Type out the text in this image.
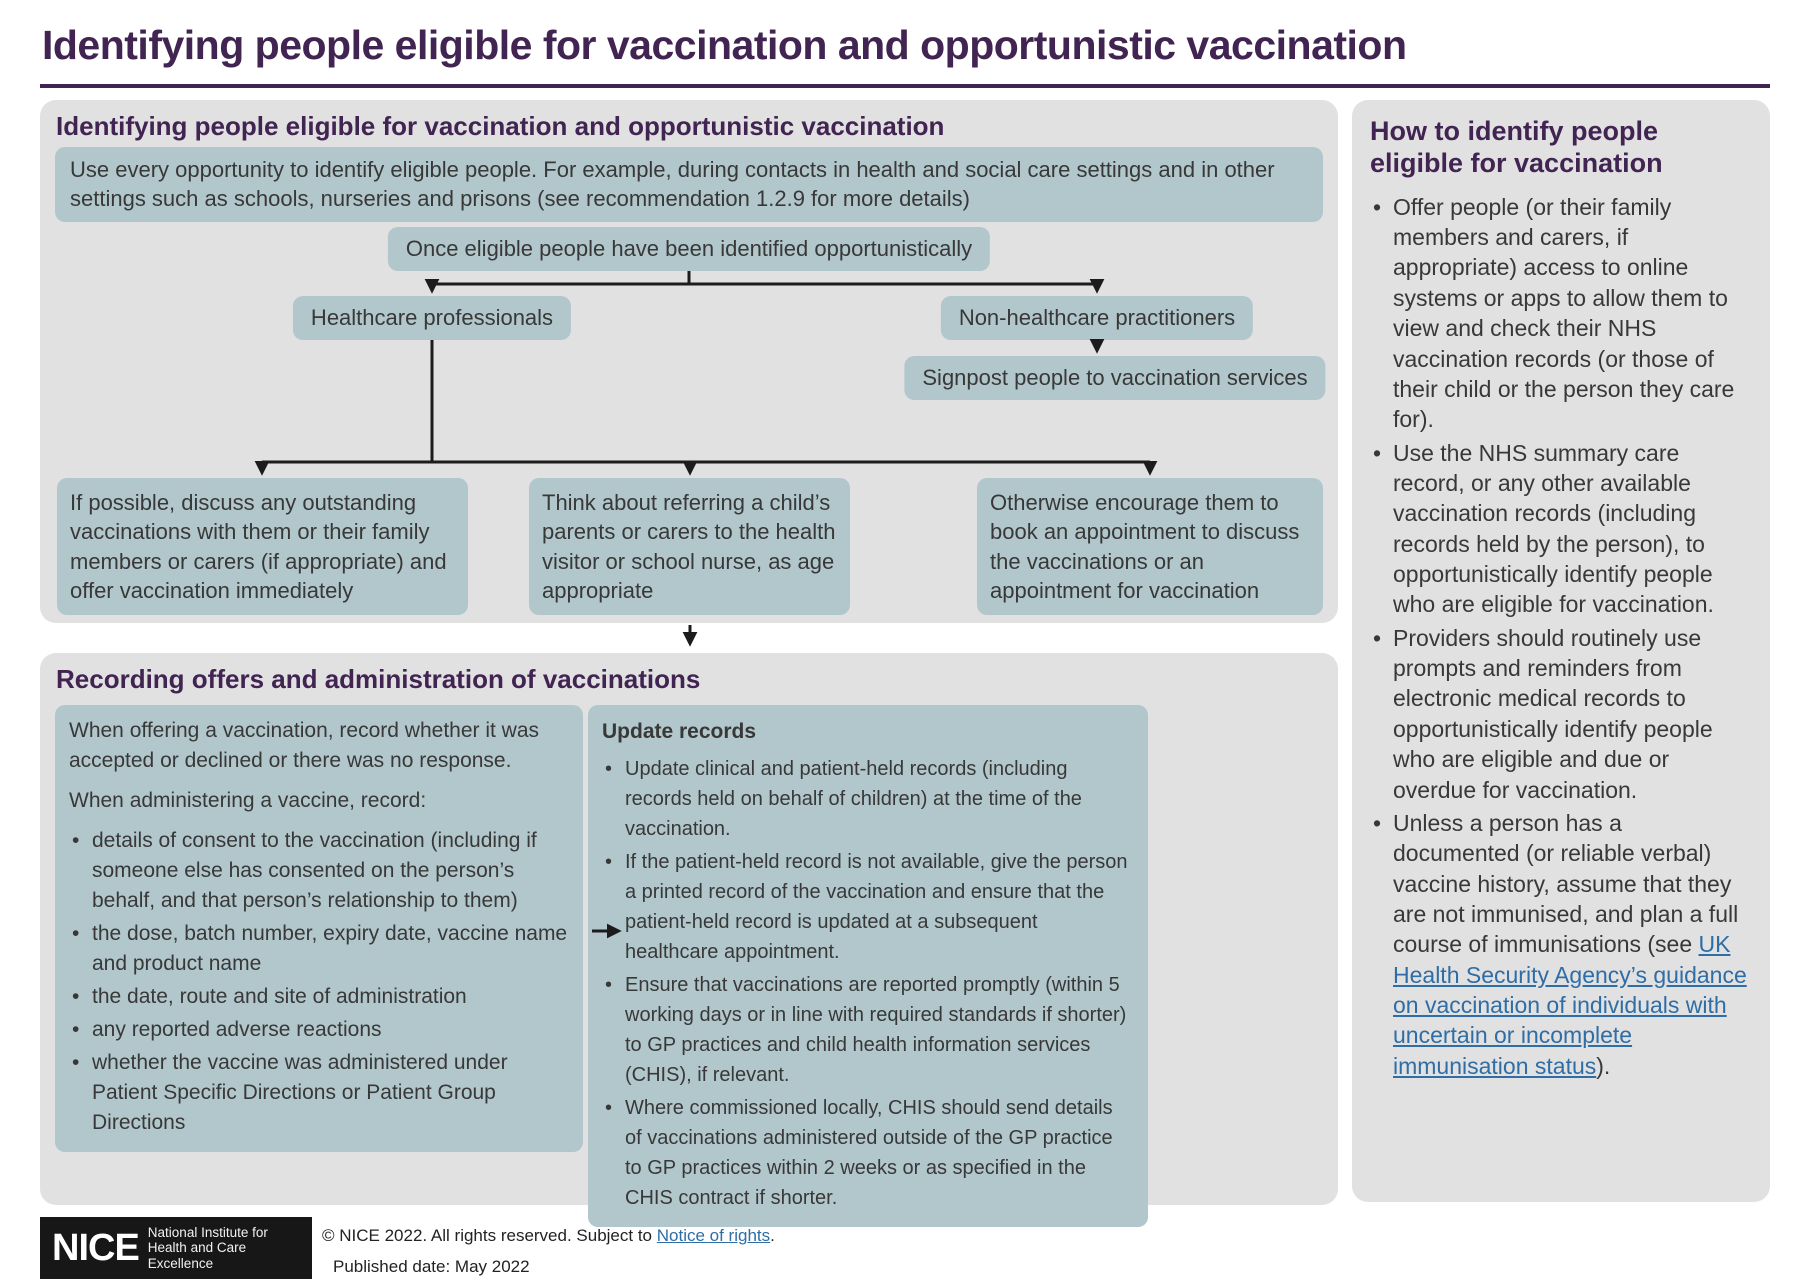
Identifying people eligible for vaccination and opportunistic vaccination
Identifying people eligible for vaccination and opportunistic vaccination
Use every opportunity to identify eligible people. For example, during contacts in health and social care settings and in other settings such as schools, nurseries and prisons (see recommendation 1.2.9 for more details)
Once eligible people have been identified opportunistically
Healthcare professionals	Non-healthcare practitioners
Signpost people to vaccination services
If possible, discuss any outstanding vaccinations with them or their family members or carers (if appropriate) and offer vaccination immediately
Think about referring a child’s parents or carers to the health visitor or school nurse, as age appropriate
Otherwise encourage them to book an appointment to discuss the vaccinations or an appointment for vaccination
Recording offers and administration of vaccinations

When offering a vaccination, record whether it was accepted or declined or there was no response.

When administering a vaccine, record:

• details of consent to the vaccination (including if someone else has consented on the person’s behalf, and that person’s relationship to them)
• the dose, batch number, expiry date, vaccine name and product name
• the date, route and site of administration
• any reported adverse reactions
• whether the vaccine was administered under Patient Specific Directions or Patient Group Directions
Update records
• Update clinical and patient-held records (including records held on behalf of children) at the time of the vaccination.
• If the patient-held record is not available, give the person a printed record of the vaccination and ensure that the patient-held record is updated at a subsequent healthcare appointment.
• Ensure that vaccinations are reported promptly (within 5 working days or in line with required standards if shorter) to GP practices and child health information services (CHIS), if relevant.
• Where commissioned locally, CHIS should send details of vaccinations administered outside of the GP practice to GP practices within 2 weeks or as specified in the CHIS contract if shorter.
How to identify people eligible for vaccination
• Offer people (or their family members and carers, if appropriate) access to online systems or apps to allow them to view and check their NHS vaccination records (or those of their child or the person they care for).
• Use the NHS summary care record, or any other available vaccination records (including records held by the person), to opportunistically identify people who are eligible for vaccination.
• Providers should routinely use prompts and reminders from electronic medical records to opportunistically identify people who are eligible and due or overdue for vaccination.
• Unless a person has a documented (or reliable verbal) vaccine history, assume that they are not immunised, and plan a full course of immunisations (see UK Health Security Agency’s guidance on vaccination of individuals with uncertain or incomplete immunisation status).
NICE National Institute for
Health and Care Excellence
© NICE 2022. All rights reserved. Subject to Notice of rights.
Published date: May 2022
